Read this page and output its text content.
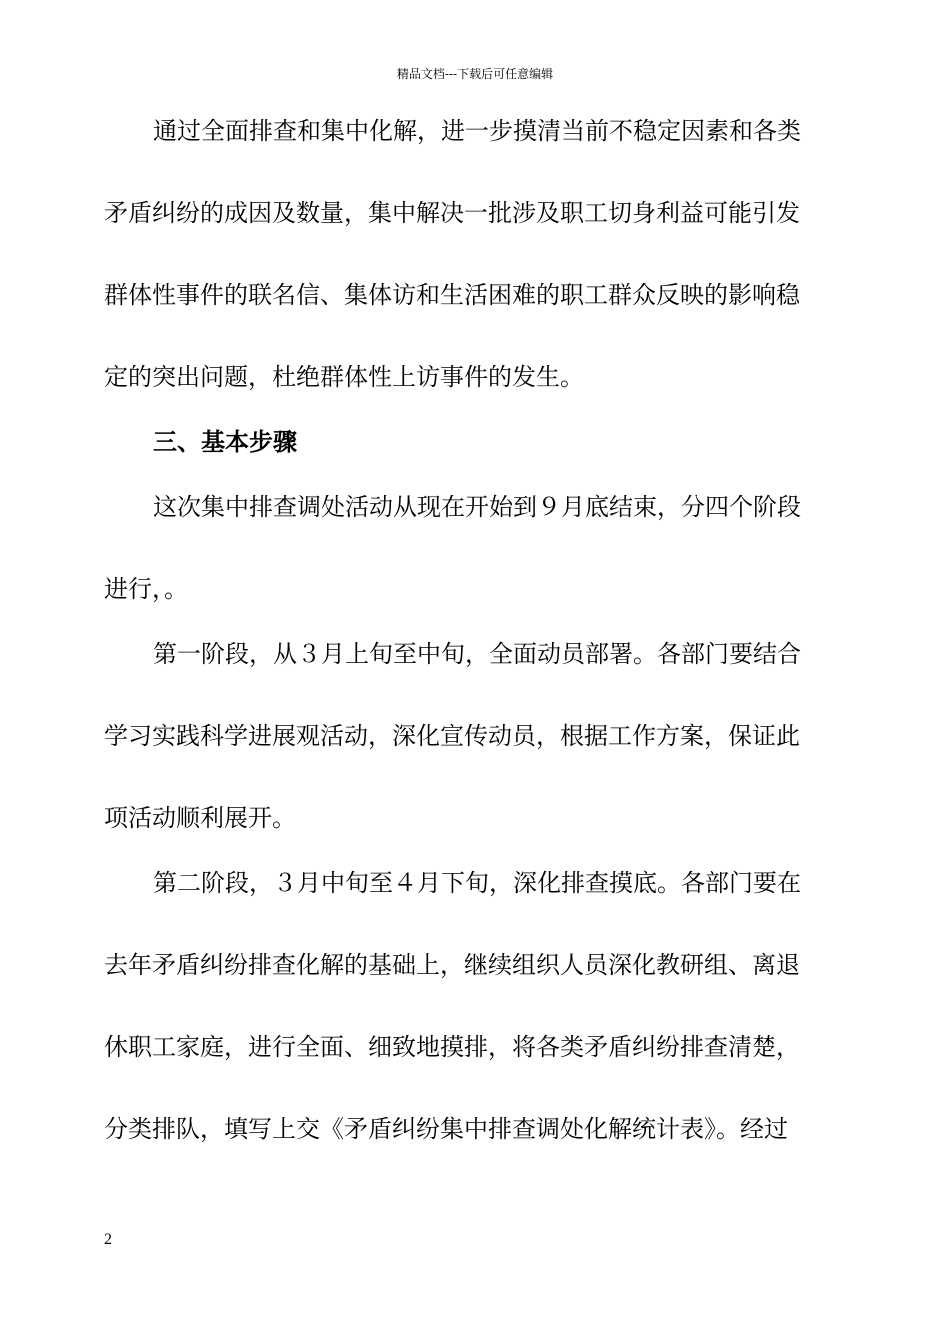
精品文档---下载后可任意编辑
通过全面排查和集中化解，进一步摸清当前不稳定因素和各类
矛盾纠纷的成因及数量，集中解决一批涉及职工切身利益可能引发
群体性事件的联名信、集体访和生活困难的职工群众反映的影响稳
定的突出问题，杜绝群体性上访事件的发生。
三、基本步骤
这次集中排查调处活动从现在开始到９月底结束，分四个阶段
进行，。
第一阶段，从３月上旬至中旬，全面动员部署。各部门要结合
学习实践科学进展观活动，深化宣传动员，根据工作方案，保证此
项活动顺利展开。
第二阶段，３月中旬至４月下旬，深化排查摸底。各部门要在
去年矛盾纠纷排查化解的基础上，继续组织人员深化教研组、离退
休职工家庭，进行全面、细致地摸排，将各类矛盾纠纷排查清楚，
分类排队，填写上交《矛盾纠纷集中排查调处化解统计表》。经过
2
